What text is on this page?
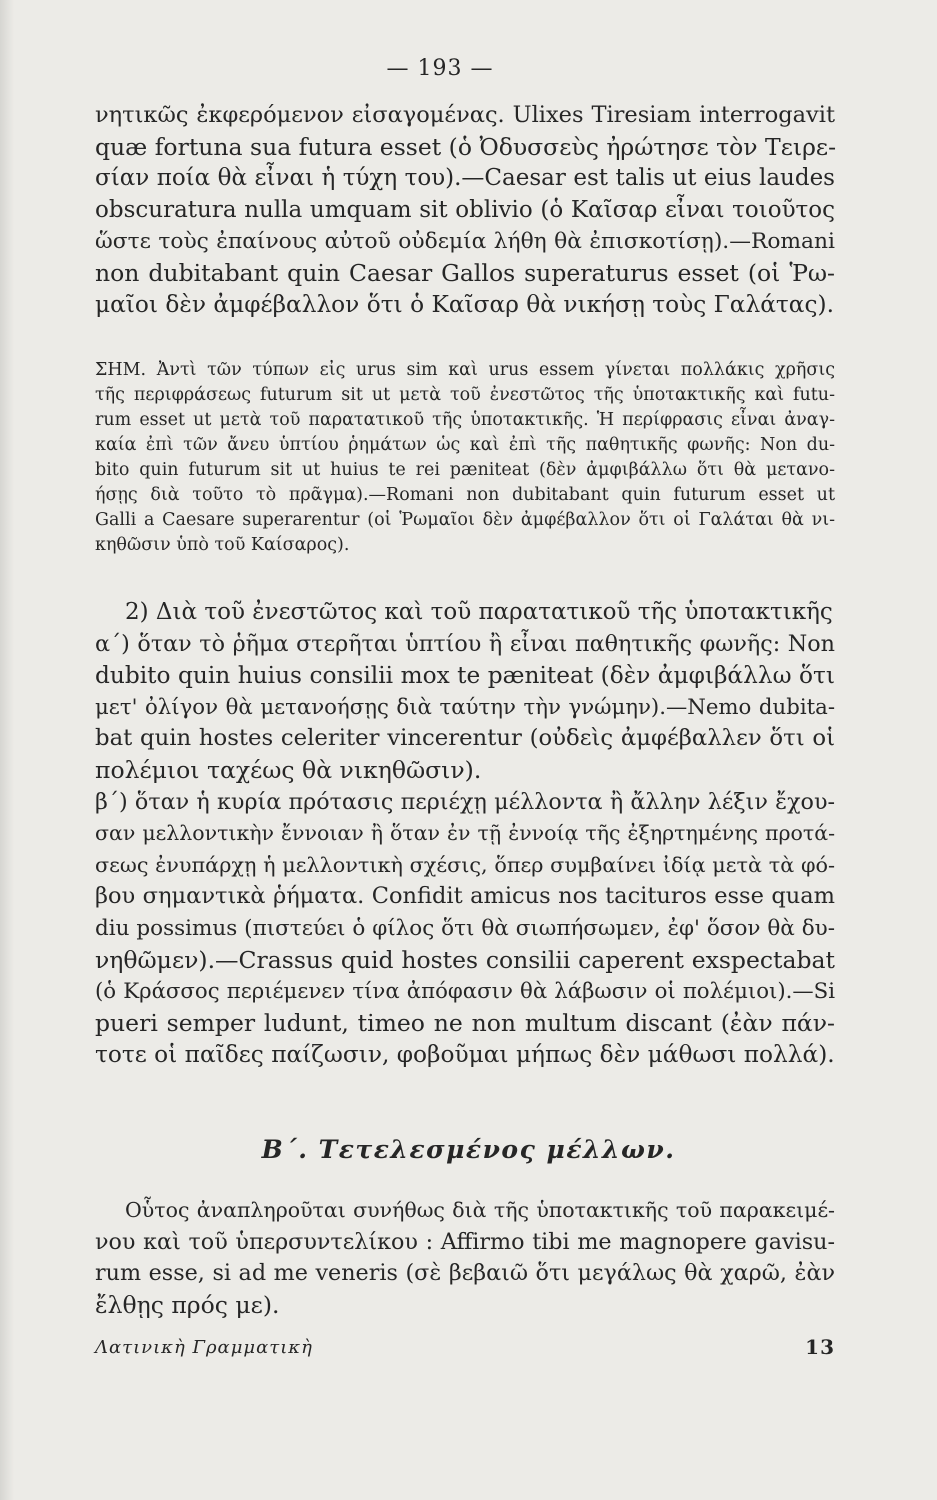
— 193 —
νητικῶς ἐκφερόμενον εἰσαγομένας. Ulixes Tiresiam interrogavit
quæ fortuna sua futura esset (ὁ Ὀδυσσεὺς ἠρώτησε τὸν Τειρε-
σίαν ποία θὰ εἶναι ἡ τύχη του).—Caesar est talis ut eius laudes
obscuratura nulla umquam sit oblivio (ὁ Καῖσαρ εἶναι τοιοῦτος
ὥστε τοὺς ἐπαίνους αὐτοῦ οὐδεμία λήθη θὰ ἐπισκοτίσῃ).—Romani
non dubitabant quin Caesar Gallos superaturus esset (οἱ Ῥω-
μαῖοι δὲν ἀμφέβαλλον ὅτι ὁ Καῖσαρ θὰ νικήσῃ τοὺς Γαλάτας).
ΣΗΜ. Ἀντὶ τῶν τύπων εἰς urus sim καὶ urus essem γίνεται πολλάκις χρῆσις
τῆς περιφράσεως futurum sit ut μετὰ τοῦ ἐνεστῶτος τῆς ὑποτακτικῆς καὶ futu-
rum esset ut μετὰ τοῦ παρατατικοῦ τῆς ὑποτακτικῆς. Ἡ περίφρασις εἶναι ἀναγ-
καία ἐπὶ τῶν ἄνευ ὑπτίου ῥημάτων ὡς καὶ ἐπὶ τῆς παθητικῆς φωνῆς: Non du-
bito quin futurum sit ut huius te rei pæniteat (δὲν ἀμφιβάλλω ὅτι θὰ μετανο-
ήσῃς διὰ τοῦτο τὸ πρᾶγμα).—Romani non dubitabant quin futurum esset ut
Galli a Caesare superarentur (οἱ Ῥωμαῖοι δὲν ἀμφέβαλλον ὅτι οἱ Γαλάται θὰ νι-
κηθῶσιν ὑπὸ τοῦ Καίσαρος).
2) Διὰ τοῦ ἐνεστῶτος καὶ τοῦ παρατατικοῦ τῆς ὑποτακτικῆς
α΄) ὅταν τὸ ῥῆμα στερῆται ὑπτίου ἢ εἶναι παθητικῆς φωνῆς: Non
dubito quin huius consilii mox te pæniteat (δὲν ἀμφιβάλλω ὅτι
μετ' ὀλίγον θὰ μετανοήσῃς διὰ ταύτην τὴν γνώμην).—Nemo dubita-
bat quin hostes celeriter vincerentur (οὐδεὶς ἀμφέβαλλεν ὅτι οἱ
πολέμιοι ταχέως θὰ νικηθῶσιν).
β΄) ὅταν ἡ κυρία πρότασις περιέχῃ μέλλοντα ἢ ἄλλην λέξιν ἔχου-
σαν μελλοντικὴν ἔννοιαν ἢ ὅταν ἐν τῇ ἐννοίᾳ τῆς ἐξηρτημένης προτά-
σεως ἐνυπάρχῃ ἡ μελλοντικὴ σχέσις, ὅπερ συμβαίνει ἰδίᾳ μετὰ τὰ φό-
βου σημαντικὰ ῥήματα. Confidit amicus nos tacituros esse quam
diu possimus (πιστεύει ὁ φίλος ὅτι θὰ σιωπήσωμεν, ἐφ' ὅσον θὰ δυ-
νηθῶμεν).—Crassus quid hostes consilii caperent exspectabat
(ὁ Κράσσος περιέμενεν τίνα ἀπόφασιν θὰ λάβωσιν οἱ πολέμιοι).—Si
pueri semper ludunt, timeo ne non multum discant (ἐὰν πάν-
τοτε οἱ παῖδες παίζωσιν, φοβοῦμαι μήπως δὲν μάθωσι πολλά).
Β΄. Τετελεσμένος μέλλων.
Οὗτος ἀναπληροῦται συνήθως διὰ τῆς ὑποτακτικῆς τοῦ παρακειμέ-
νου καὶ τοῦ ὑπερσυντελίκου : Affirmo tibi me magnopere gavisu-
rum esse, si ad me veneris (σὲ βεβαιῶ ὅτι μεγάλως θὰ χαρῶ, ἐὰν
ἔλθῃς πρός με).
Λατινικὴ Γραμματικὴ	13
